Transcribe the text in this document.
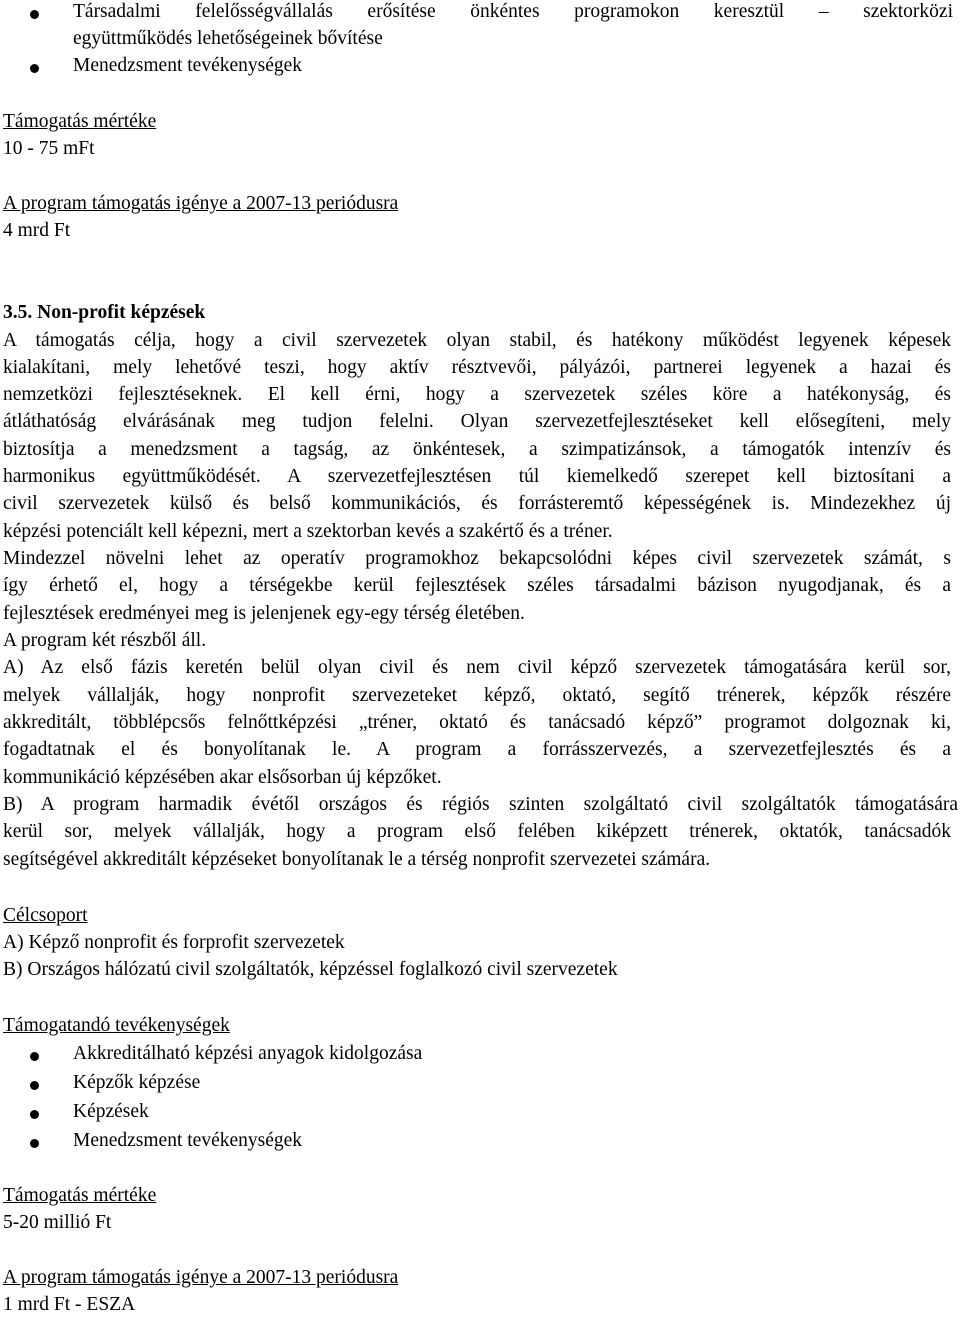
Társadalmi felelősségvállalás erősítése önkéntes programokon keresztül – szektorközi
együttműködés lehetőségeinek bővítése
Menedzsment tevékenységek
Támogatás mértéke
10 - 75 mFt
A program támogatás igénye a 2007-13 periódusra
4 mrd Ft
3.5. Non-profit képzések
A támogatás célja, hogy a civil szervezetek olyan stabil, és hatékony működést legyenek képesek
kialakítani, mely lehetővé teszi, hogy aktív résztvevői, pályázói, partnerei legyenek a hazai és
nemzetközi fejlesztéseknek. El kell érni, hogy a szervezetek széles köre a hatékonyság, és
átláthatóság elvárásának meg tudjon felelni. Olyan szervezetfejlesztéseket kell elősegíteni, mely
biztosítja a menedzsment a tagság, az önkéntesek, a szimpatizánsok, a támogatók intenzív és
harmonikus együttműködését. A szervezetfejlesztésen túl kiemelkedő szerepet kell biztosítani a
civil szervezetek külső és belső kommunikációs, és forrásteremtő képességének is. Mindezekhez új
képzési potenciált kell képezni, mert a szektorban kevés a szakértő és a tréner.
Mindezzel növelni lehet az operatív programokhoz bekapcsolódni képes civil szervezetek számát, s
így érhető el, hogy a térségekbe kerül fejlesztések széles társadalmi bázison nyugodjanak, és a
fejlesztések eredményei meg is jelenjenek egy-egy térség életében.
A program két részből áll.
A) Az első fázis keretén belül olyan civil és nem civil képző szervezetek támogatására kerül sor,
melyek vállalják, hogy nonprofit szervezeteket képző, oktató, segítő trénerek, képzők részére
akkreditált, többlépcsős felnőttképzési „tréner, oktató és tanácsadó képző” programot dolgoznak ki,
fogadtatnak el és bonyolítanak le. A program a forrásszervezés, a szervezetfejlesztés és a
kommunikáció képzésében akar elsősorban új képzőket.
B) A program harmadik évétől országos és régiós szinten szolgáltató civil szolgáltatók támogatására
kerül sor, melyek vállalják, hogy a program első felében kiképzett trénerek, oktatók, tanácsadók
segítségével akkreditált képzéseket bonyolítanak le a térség nonprofit szervezetei számára.
Célcsoport
A) Képző nonprofit és forprofit szervezetek
B) Országos hálózatú civil szolgáltatók, képzéssel foglalkozó civil szervezetek
Támogatandó tevékenységek
Akkreditálható képzési anyagok kidolgozása
Képzők képzése
Képzések
Menedzsment tevékenységek
Támogatás mértéke
5-20 millió Ft
A program támogatás igénye a 2007-13 periódusra
1 mrd Ft - ESZA
